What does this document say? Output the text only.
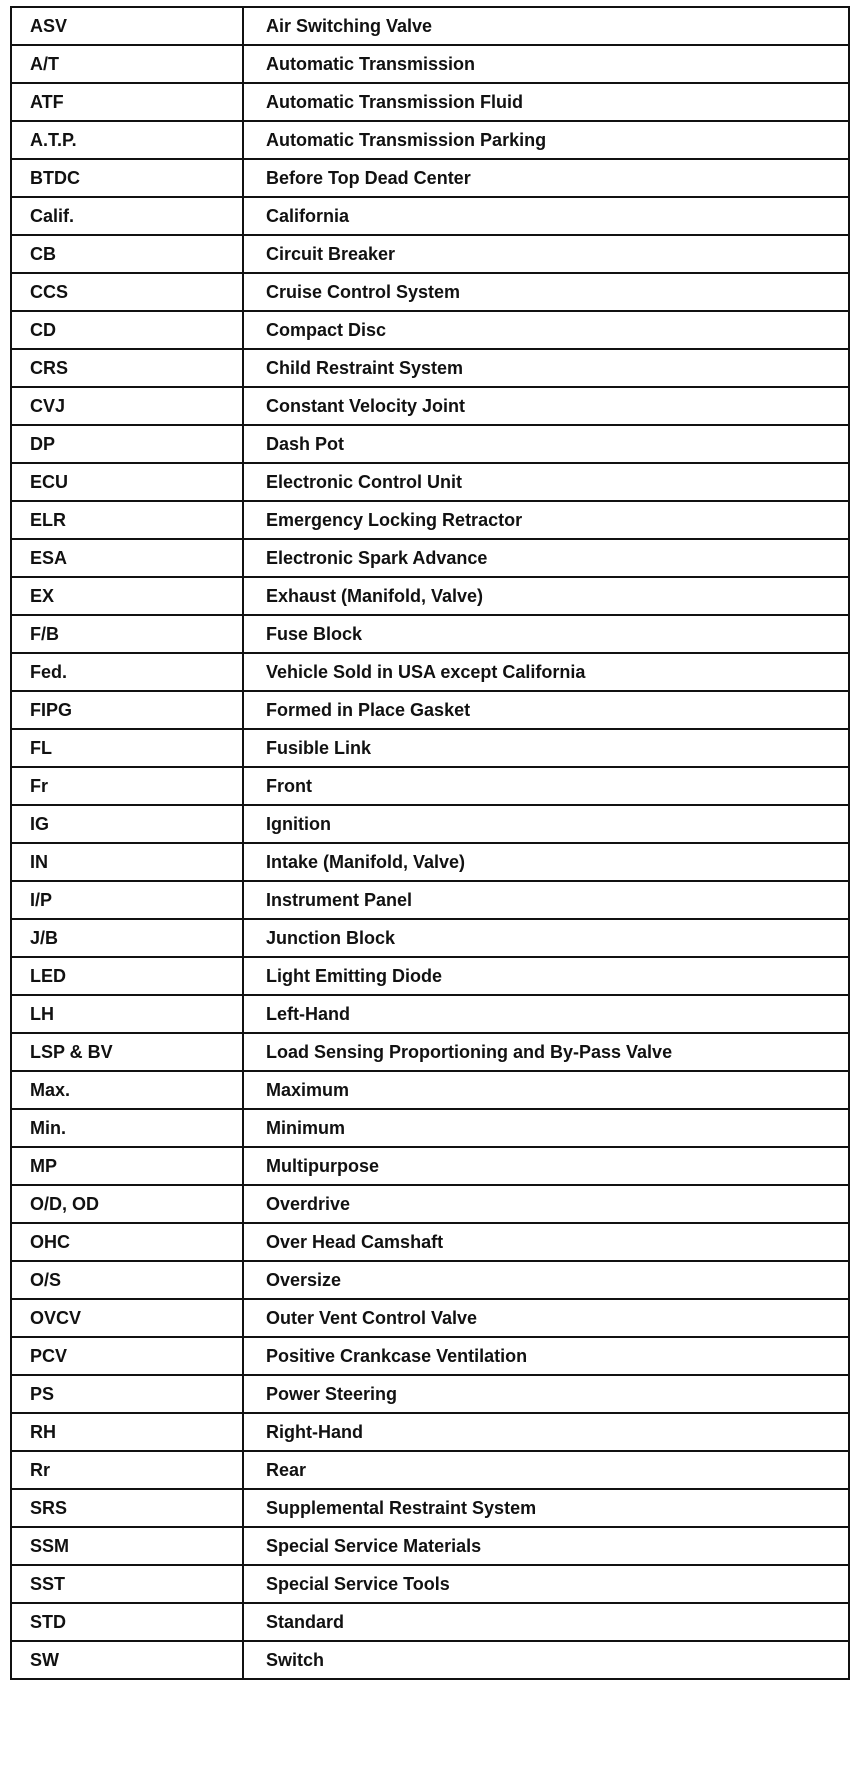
ASV	Air Switching Valve
A/T	Automatic Transmission
ATF	Automatic Transmission Fluid
A.T.P.	Automatic Transmission Parking
BTDC	Before Top Dead Center
Calif.	California
CB	Circuit Breaker
CCS	Cruise Control System
CD	Compact Disc
CRS	Child Restraint System
CVJ	Constant Velocity Joint
DP	Dash Pot
ECU	Electronic Control Unit
ELR	Emergency Locking Retractor
ESA	Electronic Spark Advance
EX	Exhaust (Manifold, Valve)
F/B	Fuse Block
Fed.	Vehicle Sold in USA except California
FIPG	Formed in Place Gasket
FL	Fusible Link
Fr	Front
IG	Ignition
IN	Intake (Manifold, Valve)
I/P	Instrument Panel
J/B	Junction Block
LED	Light Emitting Diode
LH	Left-Hand
LSP & BV	Load Sensing Proportioning and By-Pass Valve
Max.	Maximum
Min.	Minimum
MP	Multipurpose
O/D, OD	Overdrive
OHC	Over Head Camshaft
O/S	Oversize
OVCV	Outer Vent Control Valve
PCV	Positive Crankcase Ventilation
PS	Power Steering
RH	Right-Hand
Rr	Rear
SRS	Supplemental Restraint System
SSM	Special Service Materials
SST	Special Service Tools
STD	Standard
SW	Switch
